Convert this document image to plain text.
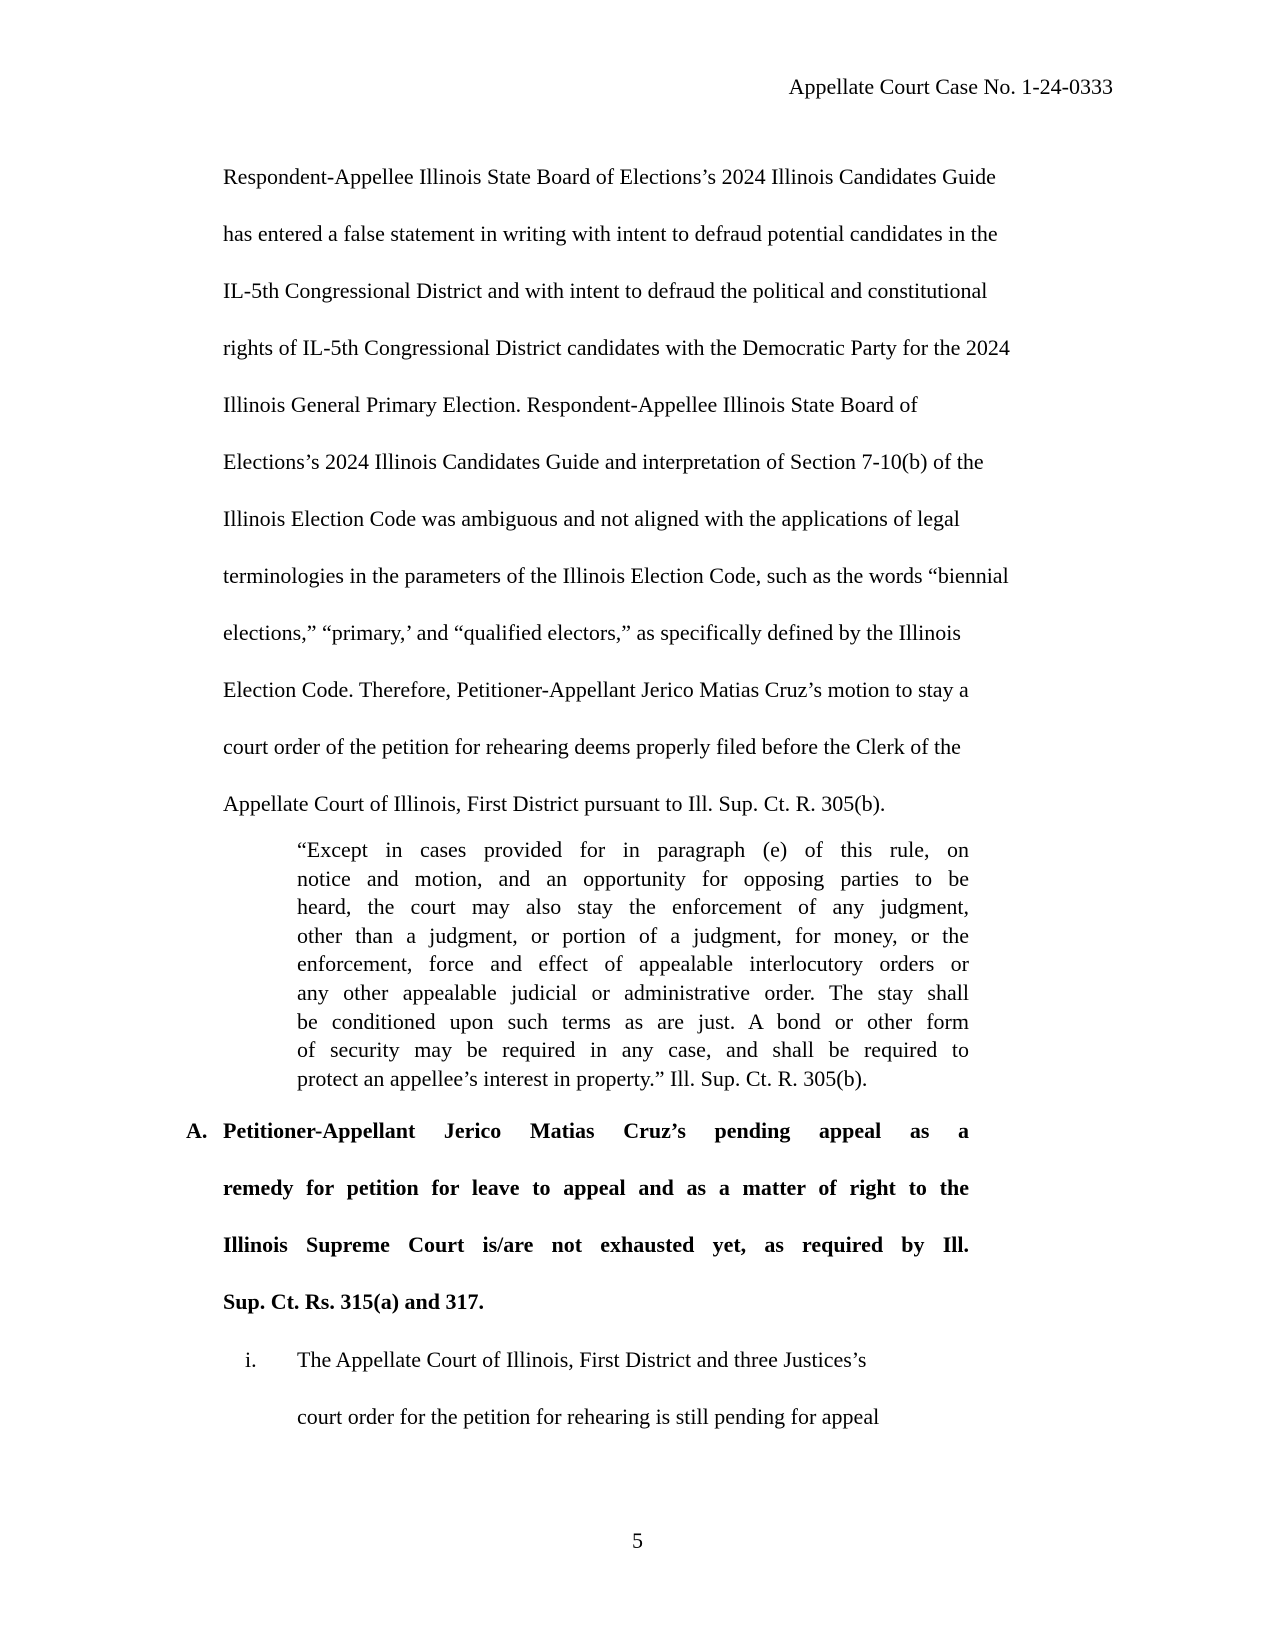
Appellate Court Case No. 1-24-0333
Respondent-Appellee Illinois State Board of Elections’s 2024 Illinois Candidates Guide
has entered a false statement in writing with intent to defraud potential candidates in the
IL-5th Congressional District and with intent to defraud the political and constitutional
rights of IL-5th Congressional District candidates with the Democratic Party for the 2024
Illinois General Primary Election. Respondent-Appellee Illinois State Board of
Elections’s 2024 Illinois Candidates Guide and interpretation of Section 7-10(b) of the
Illinois Election Code was ambiguous and not aligned with the applications of legal
terminologies in the parameters of the Illinois Election Code, such as the words “biennial
elections,” “primary,’ and “qualified electors,” as specifically defined by the Illinois
Election Code. Therefore, Petitioner-Appellant Jerico Matias Cruz’s motion to stay a
court order of the petition for rehearing deems properly filed before the Clerk of the
Appellate Court of Illinois, First District pursuant to Ill. Sup. Ct. R. 305(b).
“Except in cases provided for in paragraph (e) of this rule, on
notice and motion, and an opportunity for opposing parties to be
heard, the court may also stay the enforcement of any judgment,
other than a judgment, or portion of a judgment, for money, or the
enforcement, force and effect of appealable interlocutory orders or
any other appealable judicial or administrative order. The stay shall
be conditioned upon such terms as are just. A bond or other form
of security may be required in any case, and shall be required to
protect an appellee’s interest in property.” Ill. Sup. Ct. R. 305(b).
A. Petitioner-Appellant Jerico Matias Cruz’s pending appeal as a
remedy for petition for leave to appeal and as a matter of right to the
Illinois Supreme Court is/are not exhausted yet, as required by Ill.
Sup. Ct. Rs. 315(a) and 317.
i. The Appellate Court of Illinois, First District and three Justices’s
court order for the petition for rehearing is still pending for appeal
5
